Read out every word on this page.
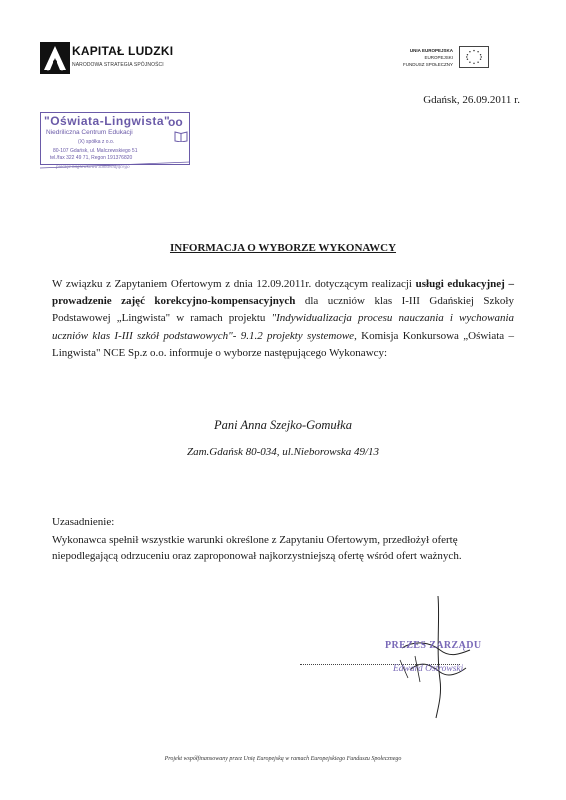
KAPITAŁ LUDZKI
NARODOWA STRATEGIA SPÓJNOŚCI
UNIA EUROPEJSKA
EUROPEJSKI
FUNDUSZ SPOŁECZNY
Gdańsk, 26.09.2011 r.
"Oświata-Lingwista"
oo
Niedriliczna Centrum Edukacji
(X) spółka z o.o.
80-107 Gdańsk, ul. Malczewskiego 51
tel./fax 322 49 71, Regon 191376820
pieczęć nagłówkowa zamawiającego
INFORMACJA O WYBORZE WYKONAWCY
W związku z Zapytaniem Ofertowym z dnia 12.09.2011r. dotyczącym realizacji usługi edukacyjnej – prowadzenie zajęć korekcyjno-kompensacyjnych dla uczniów klas I-III Gdańskiej Szkoły Podstawowej „Lingwista" w ramach projektu "Indywidualizacja procesu nauczania i wychowania uczniów klas I-III szkół podstawowych"- 9.1.2 projekty systemowe, Komisja Konkursowa „Oświata – Lingwista" NCE Sp.z o.o. informuje o wyborze następującego Wykonawcy:
Pani Anna Szejko-Gomułka
Zam.Gdańsk 80-034, ul.Nieborowska 49/13
Uzasadnienie:
Wykonawca spełnił wszystkie warunki określone z Zapytaniu Ofertowym, przedłożył ofertę niepodlegającą odrzuceniu oraz zaproponował najkorzystniejszą ofertę wśród ofert ważnych.
PREZES ZARZĄDU
Edward Ostrowski
Projekt współfinansowany przez Unię Europejską w ramach Europejskiego Funduszu Społecznego
